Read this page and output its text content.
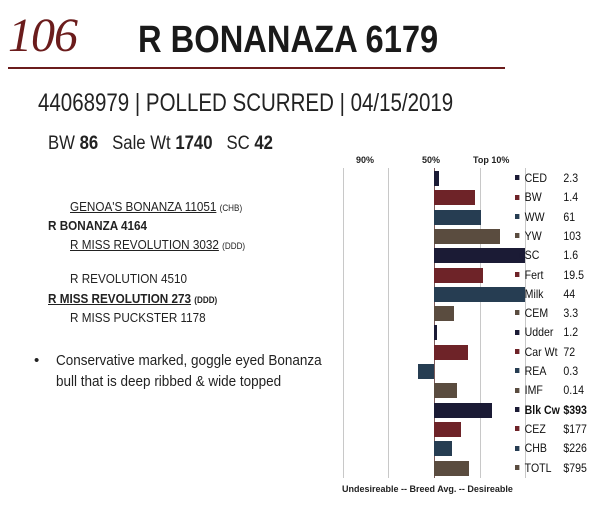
106 R BONANAZA 6179
44068979 | POLLED SCURRED | 04/15/2019
BW 86 Sale Wt 1740 SC 42
GENOA'S BONANZA 11051 (CHB)
R BONANZA 4164
R MISS REVOLUTION 3032 (DDD)
R REVOLUTION 4510
R MISS REVOLUTION 273 (DDD)
R MISS PUCKSTER 1178
• Conservative marked, goggle eyed Bonanza bull that is deep ribbed & wide topped
90%	50%	Top 10%
CED 2.3
BW 1.4
WW 61
YW 103
SC 1.6
Fert 19.5
Milk 44
CEM 3.3
Udder 1.2
Car Wt 72
REA 0.3
IMF 0.14
Blk Cw $393
CEZ $177
CHB $226
TOTL $795
Undesireable -- Breed Avg. -- Desireable
